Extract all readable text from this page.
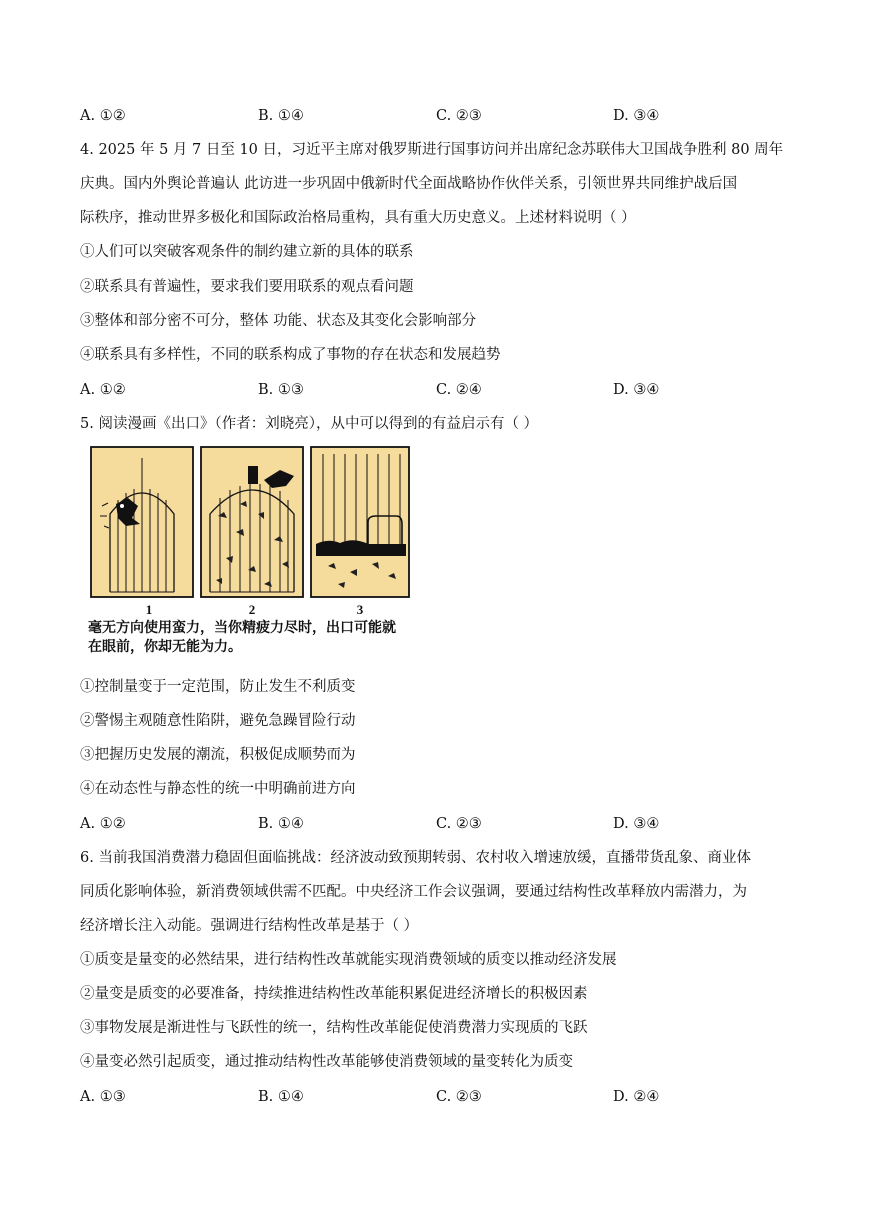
A. ①②	B. ①④	C. ②③	D. ③④
4. 2025 年 5 月 7 日至 10 日，习近平主席对俄罗斯进行国事访问并出席纪念苏联伟大卫国战争胜利 80 周年
庆典。国内外舆论普遍认 此访进一步巩固中俄新时代全面战略协作伙伴关系，引领世界共同维护战后国
际秩序，推动世界多极化和国际政治格局重构，具有重大历史意义。上述材料说明（ ）
①人们可以突破客观条件的制约建立新的具体的联系
②联系具有普遍性，要求我们要用联系的观点看问题
③整体和部分密不可分，整体 功能、状态及其变化会影响部分
④联系具有多样性，不同的联系构成了事物的存在状态和发展趋势
A. ①②	B. ①③	C. ②④	D. ③④
5. 阅读漫画《出口》（作者：刘晓亮），从中可以得到的有益启示有（ ）
1	2	3
毫无方向使用蛮力，当你精疲力尽时，出口可能就
在眼前，你却无能为力。
①控制量变于一定范围，防止发生不利质变
②警惕主观随意性陷阱，避免急躁冒险行动
③把握历史发展的潮流，积极促成顺势而为
④在动态性与静态性的统一中明确前进方向
A. ①②	B. ①④	C. ②③	D. ③④
6. 当前我国消费潜力稳固但面临挑战：经济波动致预期转弱、农村收入增速放缓，直播带货乱象、商业体
同质化影响体验，新消费领域供需不匹配。中央经济工作会议强调，要通过结构性改革释放内需潜力，为
经济增长注入动能。强调进行结构性改革是基于（ ）
①质变是量变的必然结果，进行结构性改革就能实现消费领域的质变以推动经济发展
②量变是质变的必要准备，持续推进结构性改革能积累促进经济增长的积极因素
③事物发展是渐进性与飞跃性的统一，结构性改革能促使消费潜力实现质的飞跃
④量变必然引起质变，通过推动结构性改革能够使消费领域的量变转化为质变
A. ①③	B. ①④	C. ②③	D. ②④
